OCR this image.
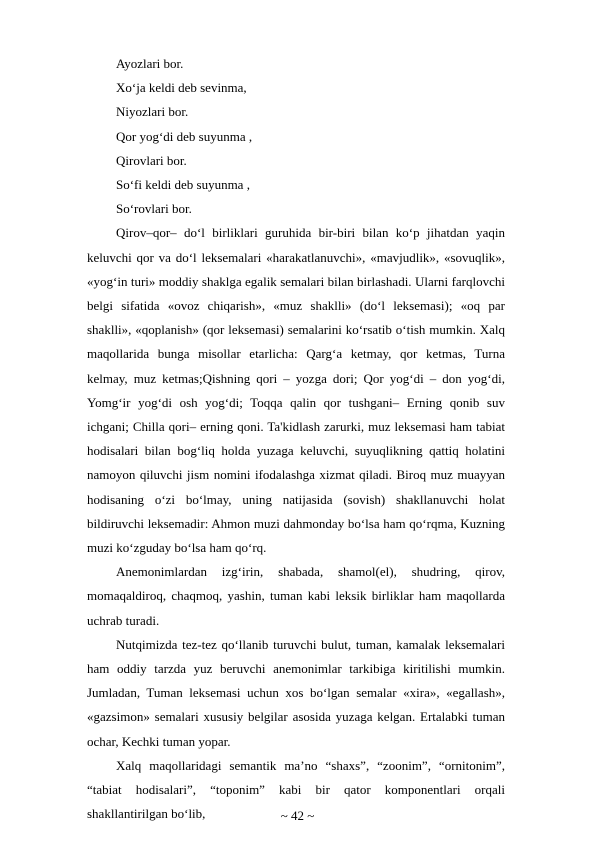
Ayozlari bor.
Xo‘ja keldi deb sevinma,
Niyozlari bor.
Qor yog‘di deb suyunma ,
Qirovlari bor.
So‘fi keldi deb suyunma ,
So‘rovlari bor.

Qirov–qor– do‘l birliklari guruhida bir-biri bilan ko‘p jihatdan yaqin keluvchi qor va do‘l leksemalari «harakatlanuvchi», «mavjudlik», «sovuqlik», «yog‘in turi» moddiy shaklga egalik semalari bilan birlashadi. Ularni farqlovchi belgi sifatida «ovoz chiqarish», «muz shaklli» (do‘l leksemasi); «oq par shaklli», «qoplanish» (qor leksemasi) semalarini ko‘rsatib o‘tish mumkin. Xalq maqollarida bunga misollar etarlicha: Qarg‘a ketmay, qor ketmas, Turna kelmay, muz ketmas;Qishning qori – yozga dori; Qor yog‘di – don yog‘di, Yomg‘ir yog‘di osh yog‘di; Toqqa qalin qor tushgani– Erning qonib suv ichgani; Chilla qori– erning qoni. Ta'kidlash zarurki, muz leksemasi ham tabiat hodisalari bilan bog‘liq holda yuzaga keluvchi, suyuqlikning qattiq holatini namoyon qiluvchi jism nomini ifodalashga xizmat qiladi. Biroq muz muayyan hodisaning o‘zi bo‘lmay, uning natijasida (sovish) shakllanuvchi holat bildiruvchi leksemadir: Ahmon muzi dahmonday bo‘lsa ham qo‘rqma, Kuzning muzi ko‘zguday bo‘lsa ham qo‘rq.

Anemonimlardan izg‘irin, shabada, shamol(el), shudring, qirov, momaqaldiroq, chaqmoq, yashin, tuman kabi leksik birliklar ham maqollarda uchrab turadi.

Nutqimizda tez-tez qo‘llanib turuvchi bulut, tuman, kamalak leksemalari ham oddiy tarzda yuz beruvchi anemonimlar tarkibiga kiritilishi mumkin. Jumladan, Tuman leksemasi uchun xos bo‘lgan semalar «xira», «egallash», «gazsimon» semalari xususiy belgilar asosida yuzaga kelgan. Ertalabki tuman ochar, Kechki tuman yopar.

Xalq maqollaridagi semantik ma’no “shaxs”, “zoonim”, “ornitonim”, “tabiat hodisalari”, “toponim” kabi bir qator komponentlari orqali shakllantirilgan bo‘lib,	~ 42 ~
